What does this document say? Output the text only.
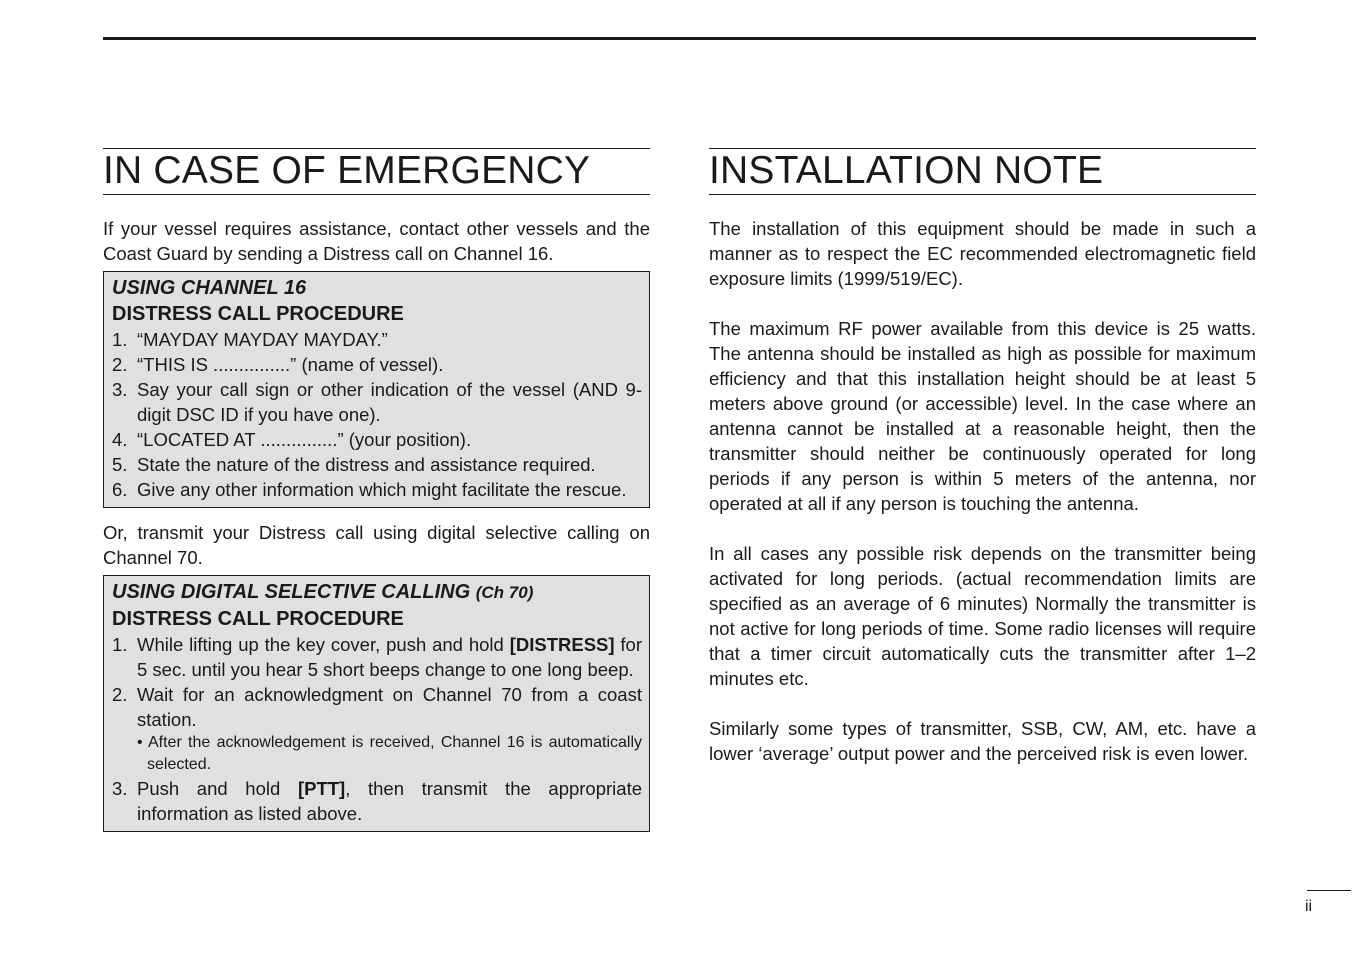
IN CASE OF EMERGENCY

If your vessel requires assistance, contact other vessels and the Coast Guard by sending a Distress call on Channel 16.

USING CHANNEL 16
DISTRESS CALL PROCEDURE
1. “MAYDAY MAYDAY MAYDAY.”
2. “THIS IS ...............” (name of vessel).
3. Say your call sign or other indication of the vessel (AND 9-digit DSC ID if you have one).
4. “LOCATED AT ...............” (your position).
5. State the nature of the distress and assistance required.
6. Give any other information which might facilitate the rescue.

Or, transmit your Distress call using digital selective calling on Channel 70.

USING DIGITAL SELECTIVE CALLING (Ch 70)
DISTRESS CALL PROCEDURE
1. While lifting up the key cover, push and hold [DISTRESS] for 5 sec. until you hear 5 short beeps change to one long beep.
2. Wait for an acknowledgment on Channel 70 from a coast station.
• After the acknowledgement is received, Channel 16 is automatically selected.
3. Push and hold [PTT], then transmit the appropriate information as listed above.
INSTALLATION NOTE

The installation of this equipment should be made in such a manner as to respect the EC recommended electromagnetic field exposure limits (1999/519/EC).

The maximum RF power available from this device is 25 watts. The antenna should be installed as high as possible for maximum efficiency and that this installation height should be at least 5 meters above ground (or accessible) level. In the case where an antenna cannot be installed at a reasonable height, then the transmitter should neither be continuously operated for long periods if any person is within 5 meters of the antenna, nor operated at all if any person is touching the antenna.

In all cases any possible risk depends on the transmitter being activated for long periods. (actual recommendation limits are specified as an average of 6 minutes) Normally the transmitter is not active for long periods of time. Some radio licenses will require that a timer circuit automatically cuts the transmitter after 1–2 minutes etc.

Similarly some types of transmitter, SSB, CW, AM, etc. have a lower ‘average’ output power and the perceived risk is even lower.

ii
